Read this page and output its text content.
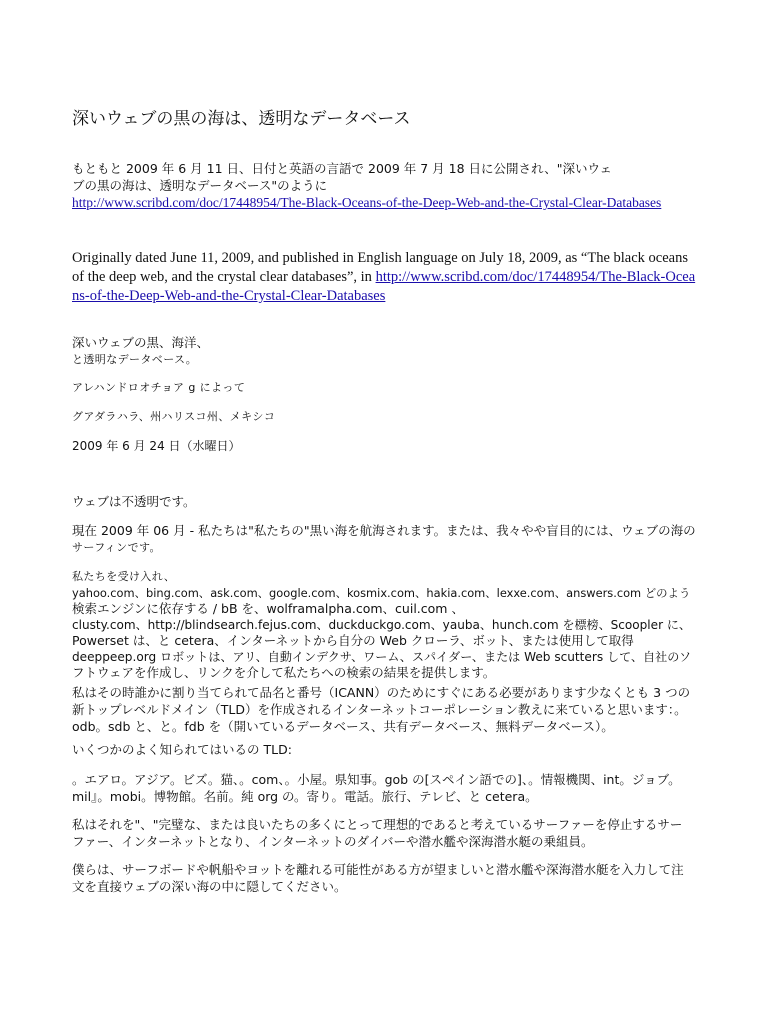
深いウェブの黒の海は、透明なデータベース
もともと 2009 年 6 月 11 日、日付と英語の言語で 2009 年 7 月 18 日に公開され、"深いウェ
ブの黒の海は、透明なデータベース"のように
http://www.scribd.com/doc/17448954/The-Black-Oceans-of-the-Deep-Web-and-the-Crystal-Clear-Databases
Originally dated June 11, 2009, and published in English language on July 18, 2009, as “The black oceans of the deep web, and the crystal clear databases”, in http://www.scribd.com/doc/17448954/The-Black-Oceans-of-the-Deep-Web-and-the-Crystal-Clear-Databases
深いウェブの黒、海洋、
と透明なデータベース。
アレハンドロオチョア g によって
グアダラハラ、州ハリスコ州、メキシコ
2009 年 6 月 24 日（水曜日）
ウェブは不透明です。
現在 2009 年 06 月 - 私たちは"私たちの"黒い海を航海されます。または、我々やや盲目的には、ウェブの海の
サーフィンです。
私たちを受け入れ、
yahoo.com、bing.com、ask.com、google.com、kosmix.com、hakia.com、lexxe.com、answers.com どのよう
検索エンジンに依存する / bB を、wolframalpha.com、cuil.com 、
clusty.com、http://blindsearch.fejus.com、duckduckgo.com、yauba、hunch.com を標榜、Scoopler に、
Powerset は、と cetera、インターネットから自分の Web クローラ、ボット、または使用して取得
deeppeep.org ロボットは、アリ、自動インデクサ、ワーム、スパイダー、または Web scutters して、自社のソ
フトウェアを作成し、リンクを介して私たちへの検索の結果を提供します。
私はその時誰かに割り当てられて品名と番号（ICANN）のためにすぐにある必要があります少なくとも 3 つの
新トップレベルドメイン（TLD）を作成されるインターネットコーポレーション教えに来ていると思います：。
odb。sdb と、と。fdb を（開いているデータベース、共有データベース、無料データベース）。
いくつかのよく知られてはいるの TLD:
。エアロ。アジア。ビズ。猫、。com、。小屋。県知事。gob の[スペイン語での]、。情報機関、int。ジョブ。
mil』。mobi。博物館。名前。純 org の。寄り。電話。旅行、テレビ、と cetera。
私はそれを"、"完璧な、または良いたちの多くにとって理想的であると考えているサーファーを停止するサー
ファー、インターネットとなり、インターネットのダイバーや潜水艦や深海潜水艇の乗組員。
僕らは、サーフボードや帆船やヨットを離れる可能性がある方が望ましいと潜水艦や深海潜水艇を入力して注
文を直接ウェブの深い海の中に隠してください。
